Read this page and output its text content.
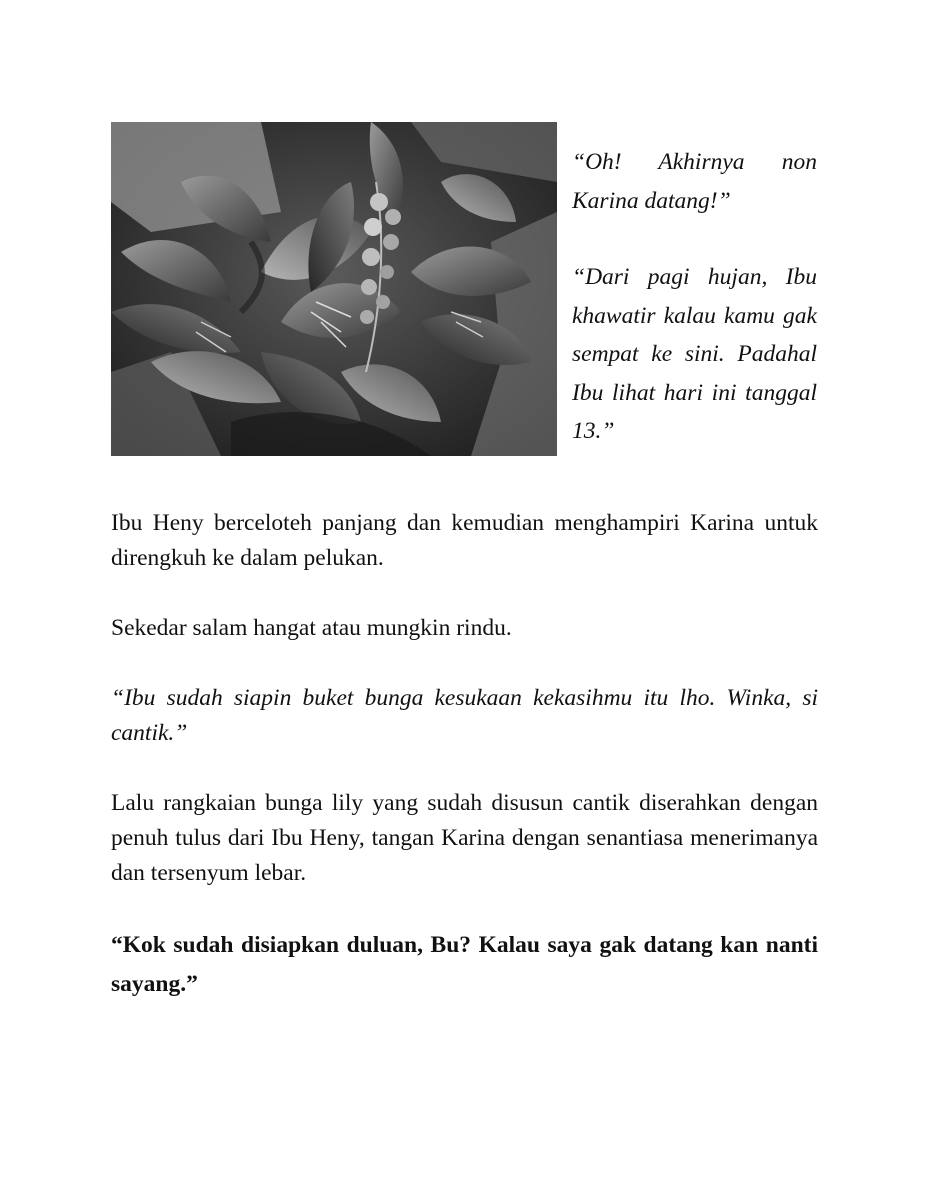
“Oh! Akhirnya non Karina datang!”

“Dari pagi hujan, Ibu khawatir kalau kamu gak sempat ke sini. Padahal Ibu lihat hari ini tanggal 13.”

Ibu Heny berceloteh panjang dan kemudian menghampiri Karina untuk direngkuh ke dalam pelukan.

Sekedar salam hangat atau mungkin rindu.

“Ibu sudah siapin buket bunga kesukaan kekasihmu itu lho. Winka, si cantik.”

Lalu rangkaian bunga lily yang sudah disusun cantik diserahkan dengan penuh tulus dari Ibu Heny, tangan Karina dengan senantiasa menerimanya dan tersenyum lebar.

“Kok sudah disiapkan duluan, Bu? Kalau saya gak datang kan nanti sayang.”
